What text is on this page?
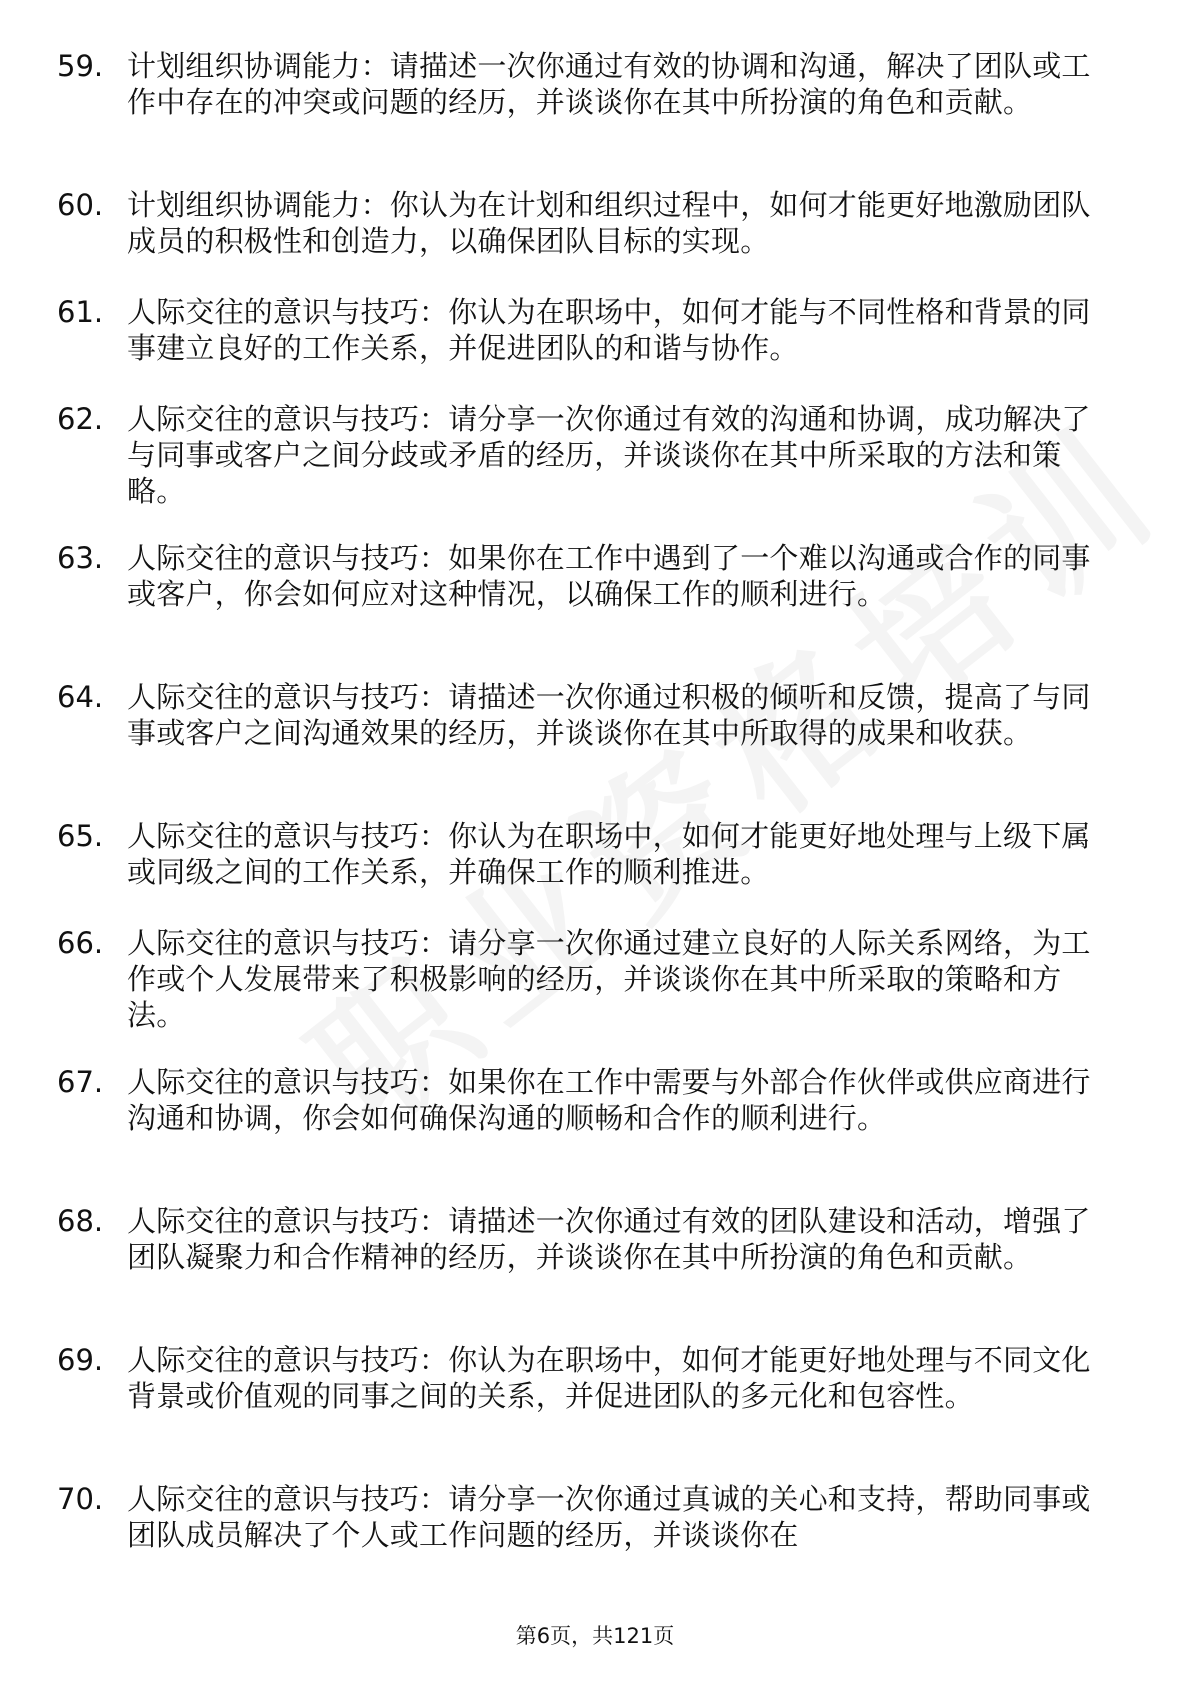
59. 计划组织协调能力：请描述一次你通过有效的协调和沟通，解决了团队或工作中存在的冲突或问题的经历，并谈谈你在其中所扮演的角色和贡献。
60. 计划组织协调能力：你认为在计划和组织过程中，如何才能更好地激励团队成员的积极性和创造力，以确保团队目标的实现。
61. 人际交往的意识与技巧：你认为在职场中，如何才能与不同性格和背景的同事建立良好的工作关系，并促进团队的和谐与协作。
62. 人际交往的意识与技巧：请分享一次你通过有效的沟通和协调，成功解决了与同事或客户之间分歧或矛盾的经历，并谈谈你在其中所采取的方法和策略。
63. 人际交往的意识与技巧：如果你在工作中遇到了一个难以沟通或合作的同事或客户，你会如何应对这种情况，以确保工作的顺利进行。
64. 人际交往的意识与技巧：请描述一次你通过积极的倾听和反馈，提高了与同事或客户之间沟通效果的经历，并谈谈你在其中所取得的成果和收获。
65. 人际交往的意识与技巧：你认为在职场中，如何才能更好地处理与上级下属或同级之间的工作关系，并确保工作的顺利推进。
66. 人际交往的意识与技巧：请分享一次你通过建立良好的人际关系网络，为工作或个人发展带来了积极影响的经历，并谈谈你在其中所采取的策略和方法。
67. 人际交往的意识与技巧：如果你在工作中需要与外部合作伙伴或供应商进行沟通和协调，你会如何确保沟通的顺畅和合作的顺利进行。
68. 人际交往的意识与技巧：请描述一次你通过有效的团队建设和活动，增强了团队凝聚力和合作精神的经历，并谈谈你在其中所扮演的角色和贡献。
69. 人际交往的意识与技巧：你认为在职场中，如何才能更好地处理与不同文化背景或价值观的同事之间的关系，并促进团队的多元化和包容性。
70. 人际交往的意识与技巧：请分享一次你通过真诚的关心和支持，帮助同事或团队成员解决了个人或工作问题的经历，并谈谈你在
第6页，共121页
